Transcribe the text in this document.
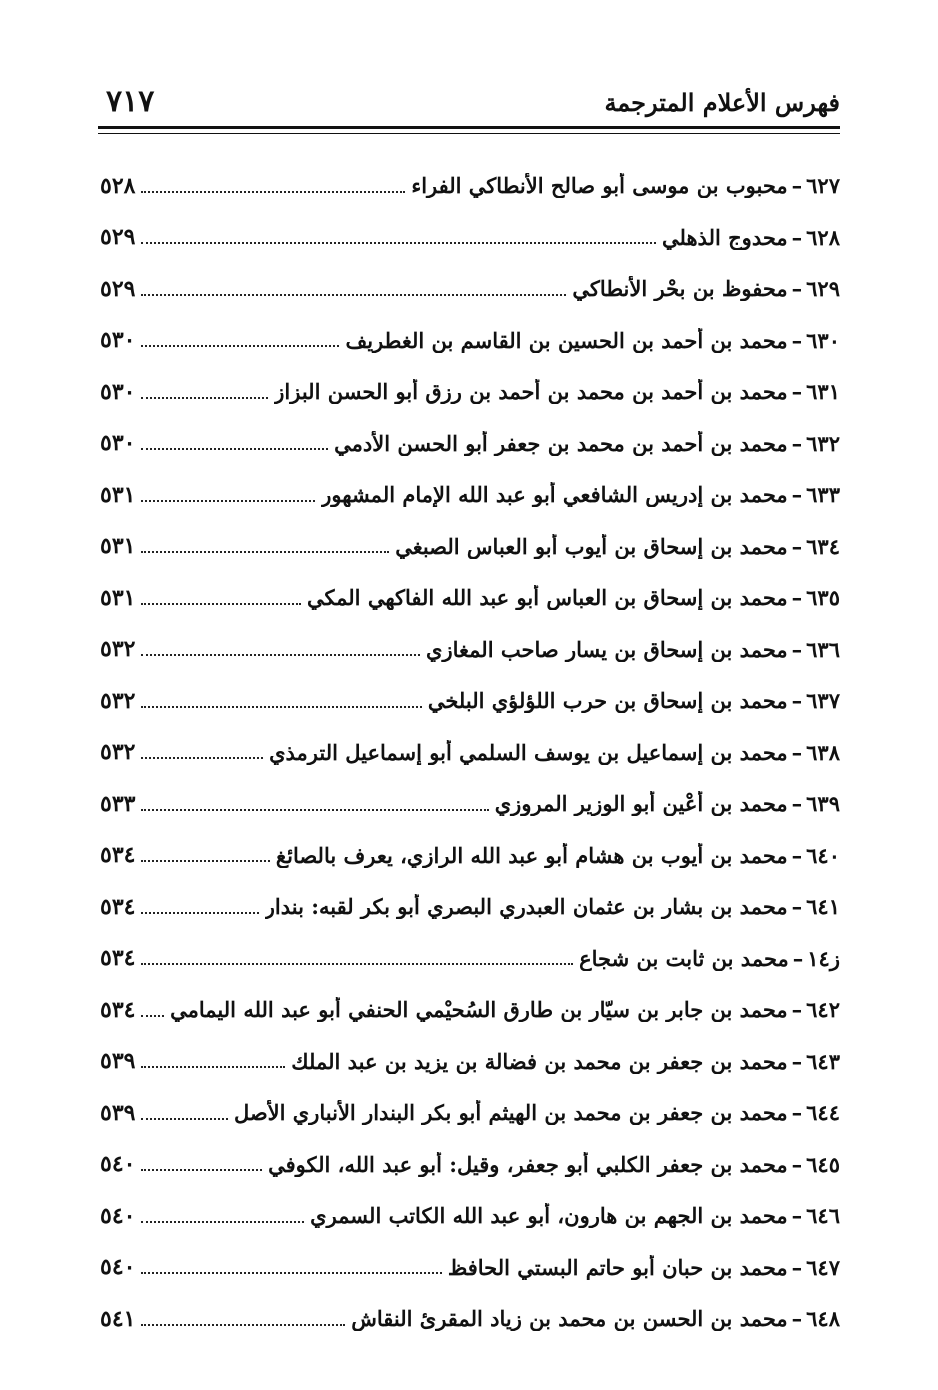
٧١٧	فهرس الأعلام المترجمة
٦٢٧
–
محبوب بن موسى أبو صالح الأنطاكي الفراء
٥٢٨
٦٢٨
–
محدوج الذهلي
٥٢٩
٦٢٩
–
محفوظ بن بحْر الأنطاكي
٥٢٩
٦٣٠
–
محمد بن أحمد بن الحسين بن القاسم بن الغطريف
٥٣٠
٦٣١
–
محمد بن أحمد بن محمد بن أحمد بن رزق أبو الحسن البزاز
٥٣٠
٦٣٢
–
محمد بن أحمد بن محمد بن جعفر أبو الحسن الأدمي
٥٣٠
٦٣٣
–
محمد بن إدريس الشافعي أبو عبد الله الإمام المشهور
٥٣١
٦٣٤
–
محمد بن إسحاق بن أيوب أبو العباس الصبغي
٥٣١
٦٣٥
–
محمد بن إسحاق بن العباس أبو عبد الله الفاكهي المكي
٥٣١
٦٣٦
–
محمد بن إسحاق بن يسار صاحب المغازي
٥٣٢
٦٣٧
–
محمد بن إسحاق بن حرب اللؤلؤي البلخي
٥٣٢
٦٣٨
–
محمد بن إسماعيل بن يوسف السلمي أبو إسماعيل الترمذي
٥٣٢
٦٣٩
–
محمد بن أعْين أبو الوزير المروزي
٥٣٣
٦٤٠
–
محمد بن أيوب بن هشام أبو عبد الله الرازي، يعرف بالصائغ
٥٣٤
٦٤١
–
محمد بن بشار بن عثمان العبدري البصري أبو بكر لقبه: بندار
٥٣٤
ز١٤
–
محمد بن ثابت بن شجاع
٥٣٤
٦٤٢
–
محمد بن جابر بن سيّار بن طارق السُحيْمي الحنفي أبو عبد الله اليمامي
٥٣٤
٦٤٣
–
محمد بن جعفر بن محمد بن فضالة بن يزيد بن عبد الملك
٥٣٩
٦٤٤
–
محمد بن جعفر بن محمد بن الهيثم أبو بكر البندار الأنباري الأصل
٥٣٩
٦٤٥
–
محمد بن جعفر الكلبي أبو جعفر، وقيل: أبو عبد الله، الكوفي
٥٤٠
٦٤٦
–
محمد بن الجهم بن هارون، أبو عبد الله الكاتب السمري
٥٤٠
٦٤٧
–
محمد بن حبان أبو حاتم البستي الحافظ
٥٤٠
٦٤٨
–
محمد بن الحسن بن محمد بن زياد المقرئ النقاش
٥٤١
